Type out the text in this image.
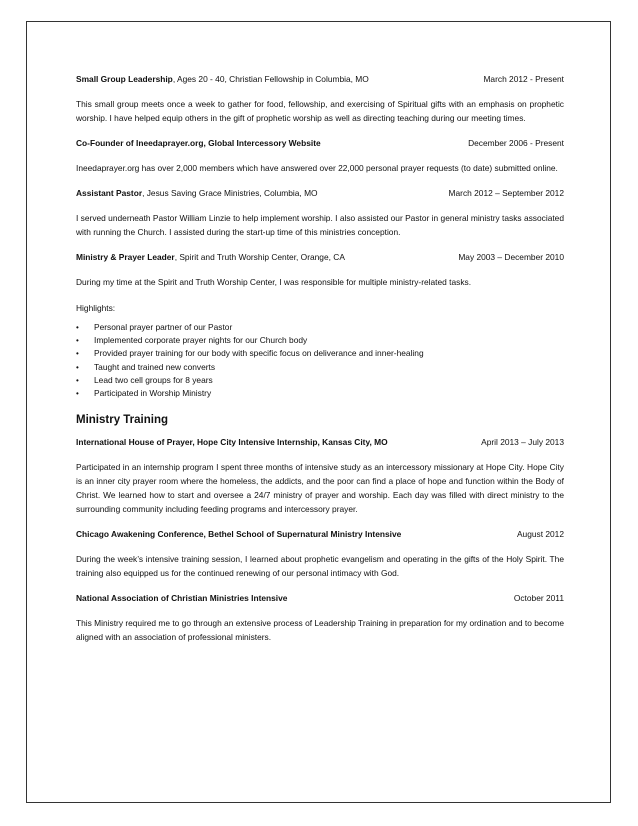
Small Group Leadership, Ages 20 - 40, Christian Fellowship in Columbia, MO	March 2012 - Present
This small group meets once a week to gather for food, fellowship, and exercising of Spiritual gifts with an emphasis on prophetic worship. I have helped equip others in the gift of prophetic worship as well as directing teaching during our meeting times.
Co-Founder of Ineedaprayer.org, Global Intercessory Website	December 2006 - Present
Ineedaprayer.org has over 2,000 members which have answered over 22,000 personal prayer requests (to date) submitted online.
Assistant Pastor, Jesus Saving Grace Ministries, Columbia, MO	March 2012 – September 2012
I served underneath Pastor William Linzie to help implement worship. I also assisted our Pastor in general ministry tasks associated with running the Church. I assisted during the start-up time of this ministries conception.
Ministry & Prayer Leader, Spirit and Truth Worship Center, Orange, CA	May 2003 – December 2010
During my time at the Spirit and Truth Worship Center, I was responsible for multiple ministry-related tasks.
Highlights:
• Personal prayer partner of our Pastor
• Implemented corporate prayer nights for our Church body
• Provided prayer training for our body with specific focus on deliverance and inner-healing
• Taught and trained new converts
• Lead two cell groups for 8 years
• Participated in Worship Ministry
Ministry Training
International House of Prayer, Hope City Intensive Internship, Kansas City, MO	April 2013 – July 2013
Participated in an internship program I spent three months of intensive study as an intercessory missionary at Hope City. Hope City is an inner city prayer room where the homeless, the addicts, and the poor can find a place of hope and function within the Body of Christ. We learned how to start and oversee a 24/7 ministry of prayer and worship. Each day was filled with direct ministry to the surrounding community including feeding programs and intercessory prayer.
Chicago Awakening Conference, Bethel School of Supernatural Ministry Intensive	August 2012
During the week’s intensive training session, I learned about prophetic evangelism and operating in the gifts of the Holy Spirit. The training also equipped us for the continued renewing of our personal intimacy with God.
National Association of Christian Ministries Intensive	October 2011
This Ministry required me to go through an extensive process of Leadership Training in preparation for my ordination and to become aligned with an association of professional ministers.
